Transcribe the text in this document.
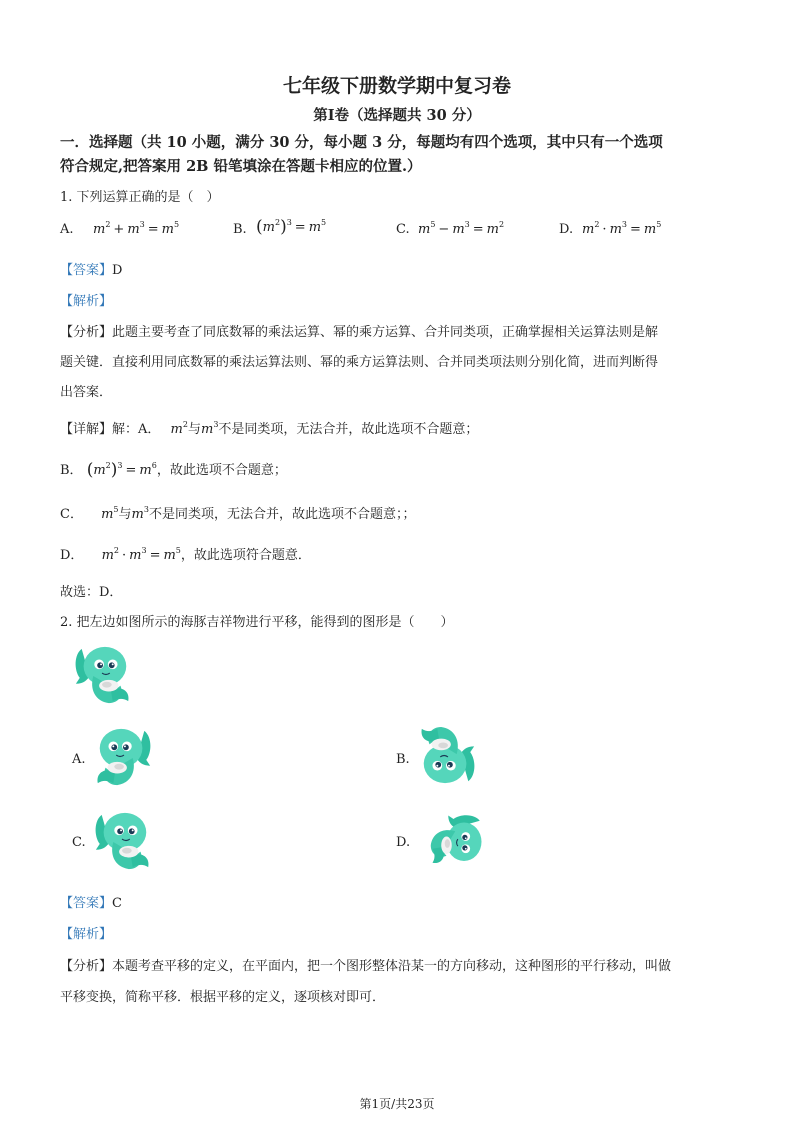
七年级下册数学期中复习卷
第Ⅰ卷（选择题共 30 分）
一．选择题（共 10 小题，满分 30 分，每小题 3 分，每题均有四个选项，其中只有一个选项
符合规定,把答案用 2B 铅笔填涂在答题卡相应的位置.）
1. 下列运算正确的是（　）
A. $m^2 + m^3 = m^5$	B. $(m^2)^3 = m^5$	C. $m^5 - m^3 = m^2$	D. $m^2 \cdot m^3 = m^5$
【答案】D
【解析】
【分析】此题主要考查了同底数幂的乘法运算、幂的乘方运算、合并同类项，正确掌握相关运算法则是解
题关键．直接利用同底数幂的乘法运算法则、幂的乘方运算法则、合并同类项法则分别化简，进而判断得
出答案．
【详解】解：A． $m^2$与$m^3$不是同类项，无法合并，故此选项不合题意；
B． $(m^2)^3 = m^6$，故此选项不合题意；
C． $m^5$与$m^3$不是同类项，无法合并，故此选项不合题意；；
D． $m^2 \cdot m^3 = m^5$，故此选项符合题意．
故选：D．
2. 把左边如图所示的海豚吉祥物进行平移，能得到的图形是（　　）
A.	B.
C.	D.
【答案】C
【解析】
【分析】本题考查平移的定义，在平面内，把一个图形整体沿某一的方向移动，这种图形的平行移动，叫做
平移变换，简称平移．根据平移的定义，逐项核对即可．
第1页/共23页
